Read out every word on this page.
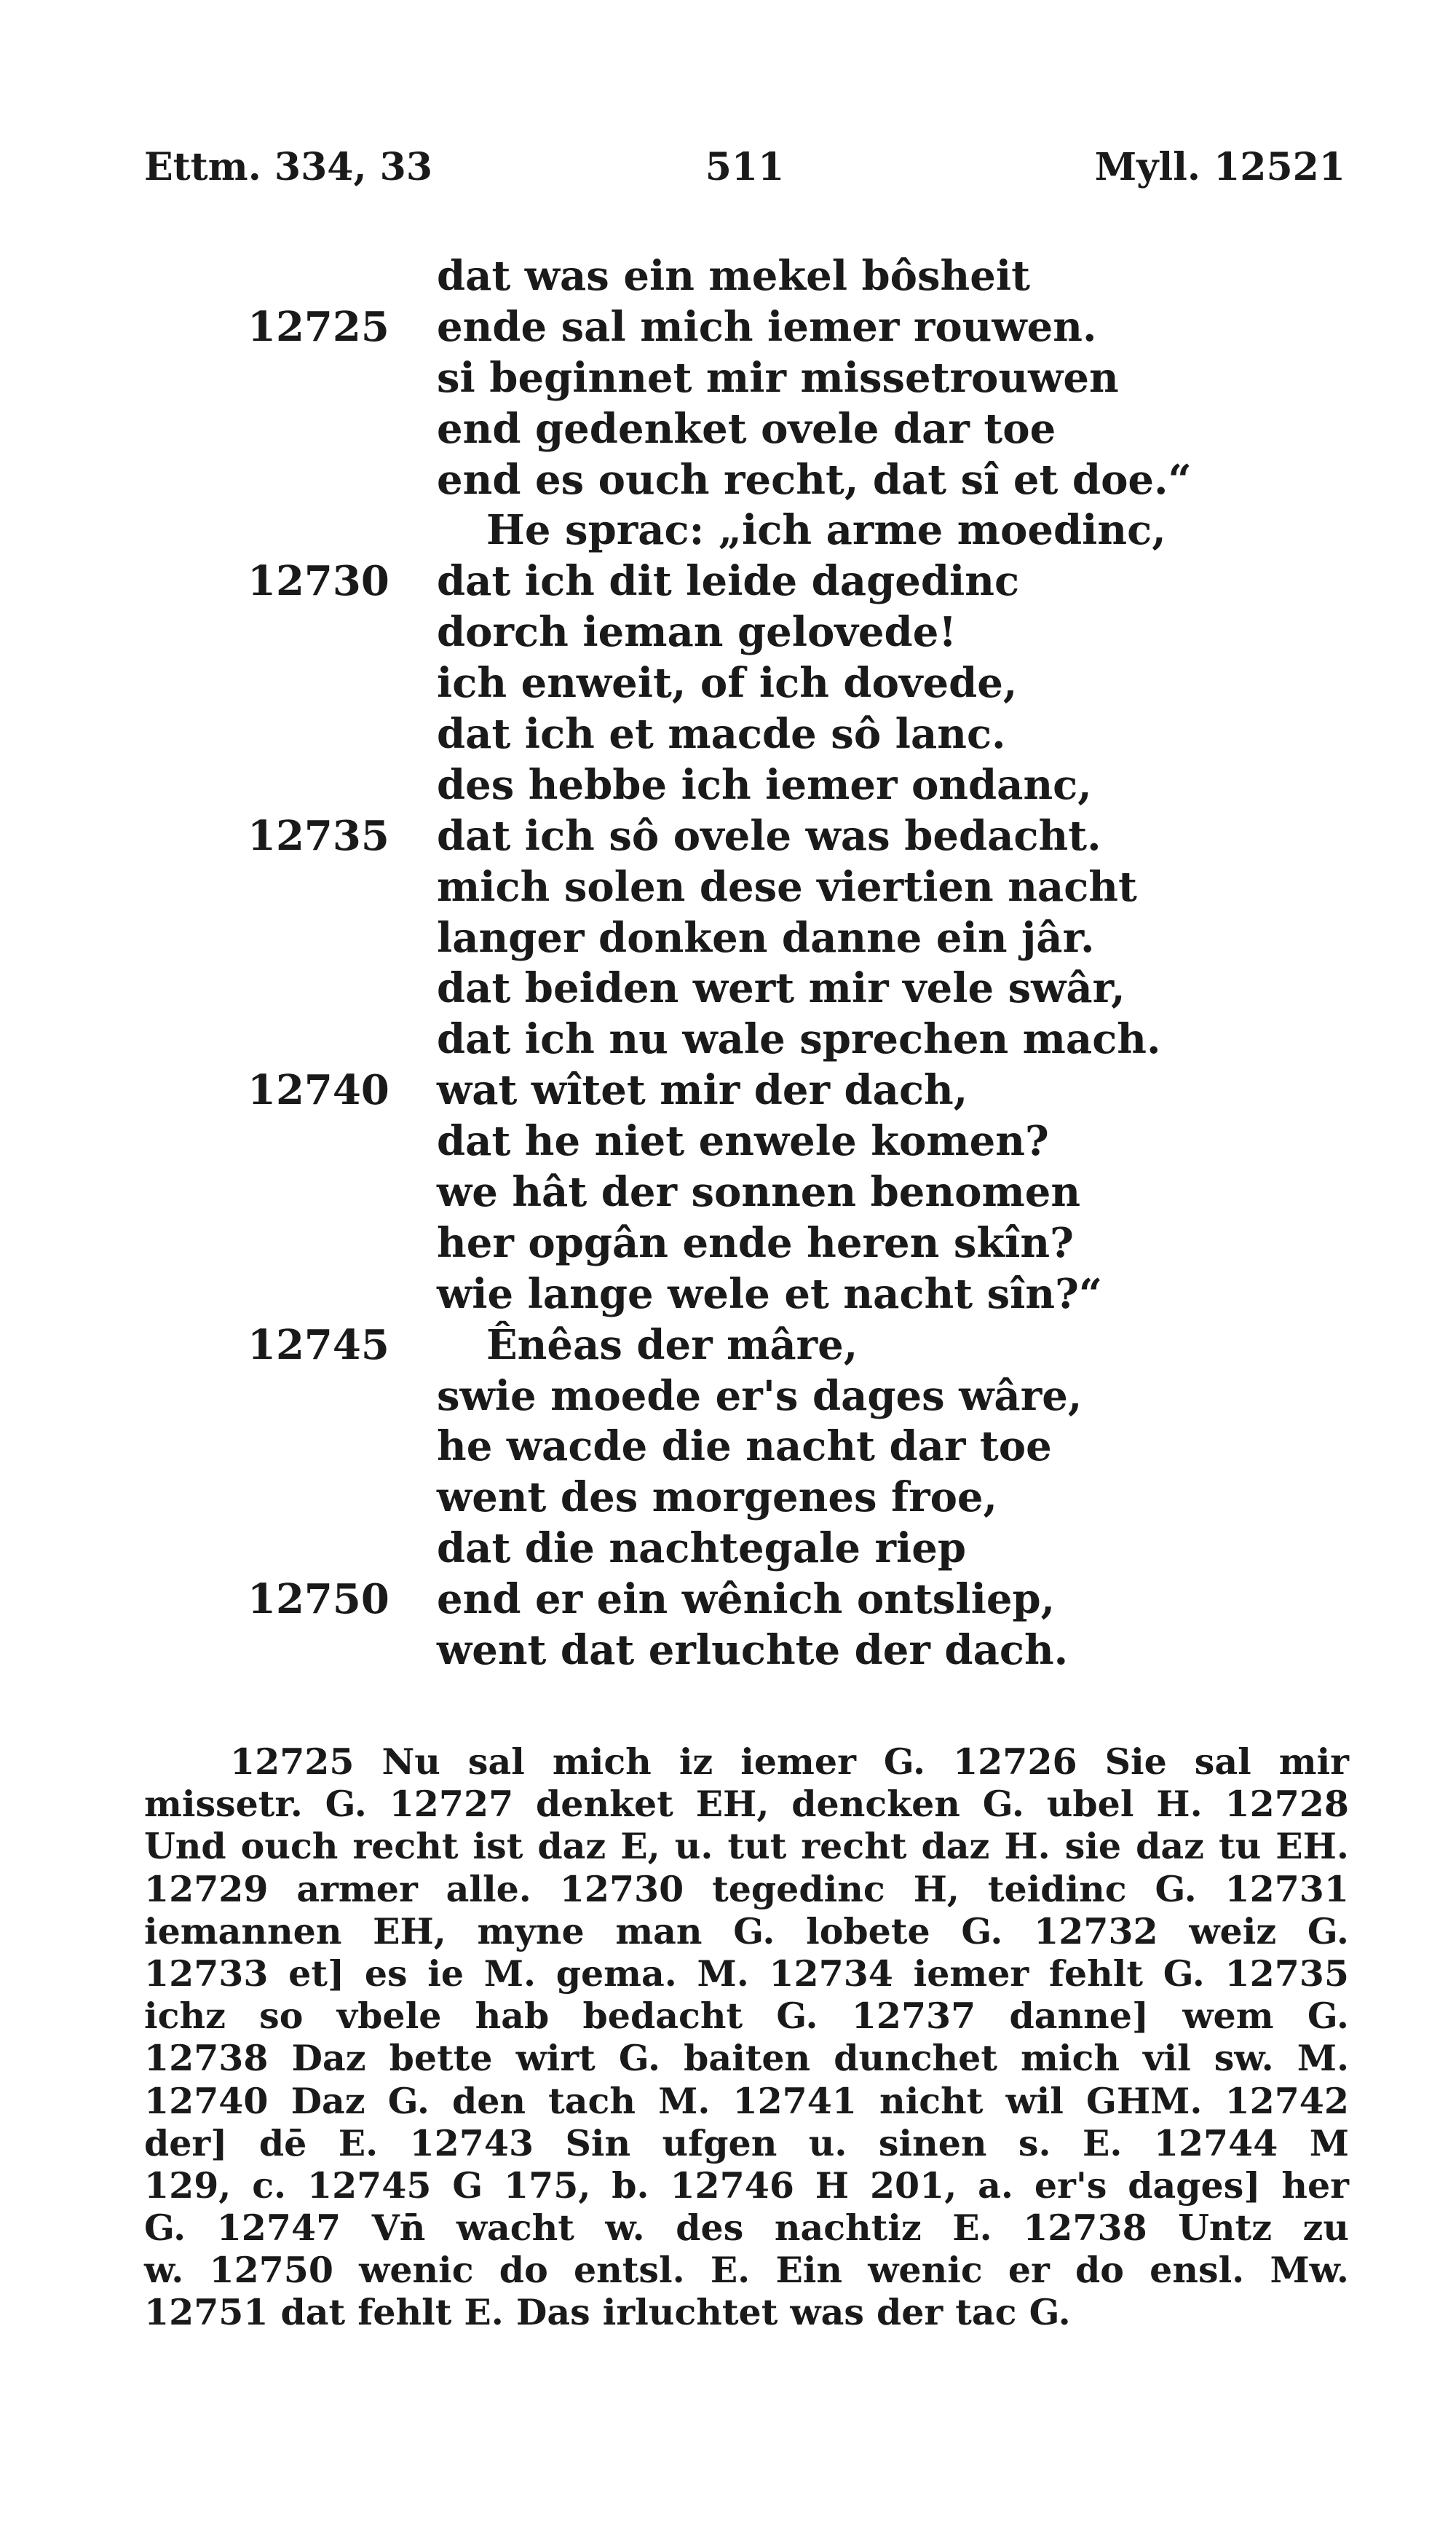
Ettm. 334, 33	511	Myll. 12521
dat was ein mekel bôsheit
12725 ende sal mich iemer rouwen.
si beginnet mir missetrouwen
end gedenket ovele dar toe
end es ouch recht, dat sî et doe.“
He sprac: „ich arme moedinc,
12730 dat ich dit leide dagedinc
dorch ieman gelovede!
ich enweit, of ich dovede,
dat ich et macde sô lanc.
des hebbe ich iemer ondanc,
12735 dat ich sô ovele was bedacht.
mich solen dese viertien nacht
langer donken danne ein jâr.
dat beiden wert mir vele swâr,
dat ich nu wale sprechen mach.
12740 wat wîtet mir der dach,
dat he niet enwele komen?
we hât der sonnen benomen
her opgân ende heren skîn?
wie lange wele et nacht sîn?“
12745 Ênêas der mâre,
swie moede er's dages wâre,
he wacde die nacht dar toe
went des morgenes froe,
dat die nachtegale riep
12750 end er ein wênich ontsliep,
went dat erluchte der dach.
12725 Nu sal mich iz iemer G. 12726 Sie sal mir
missetr. G. 12727 denket EH, dencken G. ubel H. 12728
Und ouch recht ist daz E, u. tut recht daz H. sie daz tu EH.
12729 armer alle. 12730 tegedinc H, teidinc G. 12731
iemannen EH, myne man G. lobete G. 12732 weiz G.
12733 et] es ie M. gema. M. 12734 iemer fehlt G. 12735
ichz so vbele hab bedacht G. 12737 danne] wem G.
12738 Daz bette wirt G. baiten dunchet mich vil sw. M.
12740 Daz G. den tach M. 12741 nicht wil GHM. 12742
der] dē E. 12743 Sin ufgen u. sinen s. E. 12744 M
129, c. 12745 G 175, b. 12746 H 201, a. er's dages] her
G. 12747 Vn̄ wacht w. des nachtiz E. 12738 Untz zu
w. 12750 wenic do entsl. E. Ein wenic er do ensl. Mw.
12751 dat fehlt E. Das irluchtet was der tac G.
